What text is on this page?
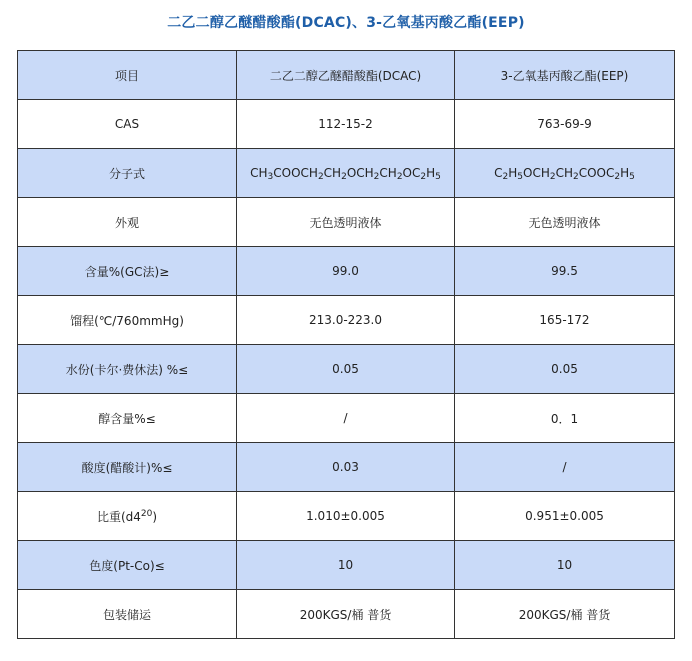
二乙二醇乙醚醋酸酯(DCAC)、3-乙氧基丙酸乙酯(EEP)
项目	二乙二醇乙醚醋酸酯(DCAC)	3-乙氧基丙酸乙酯(EEP)
CAS	112-15-2	763-69-9
分子式	$CH_3COOCH_2CH_2OCH_2CH_2OC_2H_5$	$C_2H_5OCH_2CH_2COOC_2H_5$
外观	无色透明液体	无色透明液体
含量%(GC法)≥	99.0	99.5
馏程(℃/760mmHg)	213.0-223.0	165-172
水份(卡尔·费休法) %≤	0.05	0.05
醇含量%≤	/	0．1
酸度(醋酸计)%≤	0.03	/
比重$(d4^{20})$	1.010±0.005	0.951±0.005
色度(Pt-Co)≤	10	10
包装储运	200KGS/桶 普货	200KGS/桶 普货
